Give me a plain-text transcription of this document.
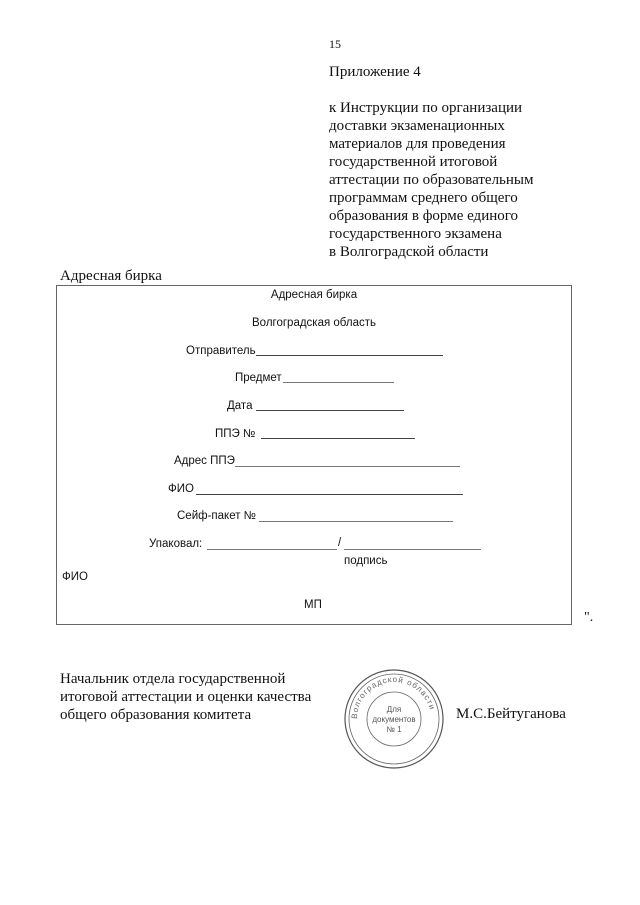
15
Приложение 4
к Инструкции по организации
доставки экзаменационных
материалов для проведения
государственной итоговой
аттестации по образовательным
программам среднего общего
образования в форме единого
государственного экзамена
в Волгоградской области
Адресная бирка
Адресная бирка
Волгоградская область
Отправитель
Предмет
Дата
ППЭ №
Адрес ППЭ
ФИО
Сейф-пакет №
Упаковал:	/
подпись
ФИО
МП
".
Начальник отдела государственной
итоговой аттестации и оценки качества
общего образования комитета	М.С.Бейтуганова
Волгоградской области
Для
документов
№ 1
